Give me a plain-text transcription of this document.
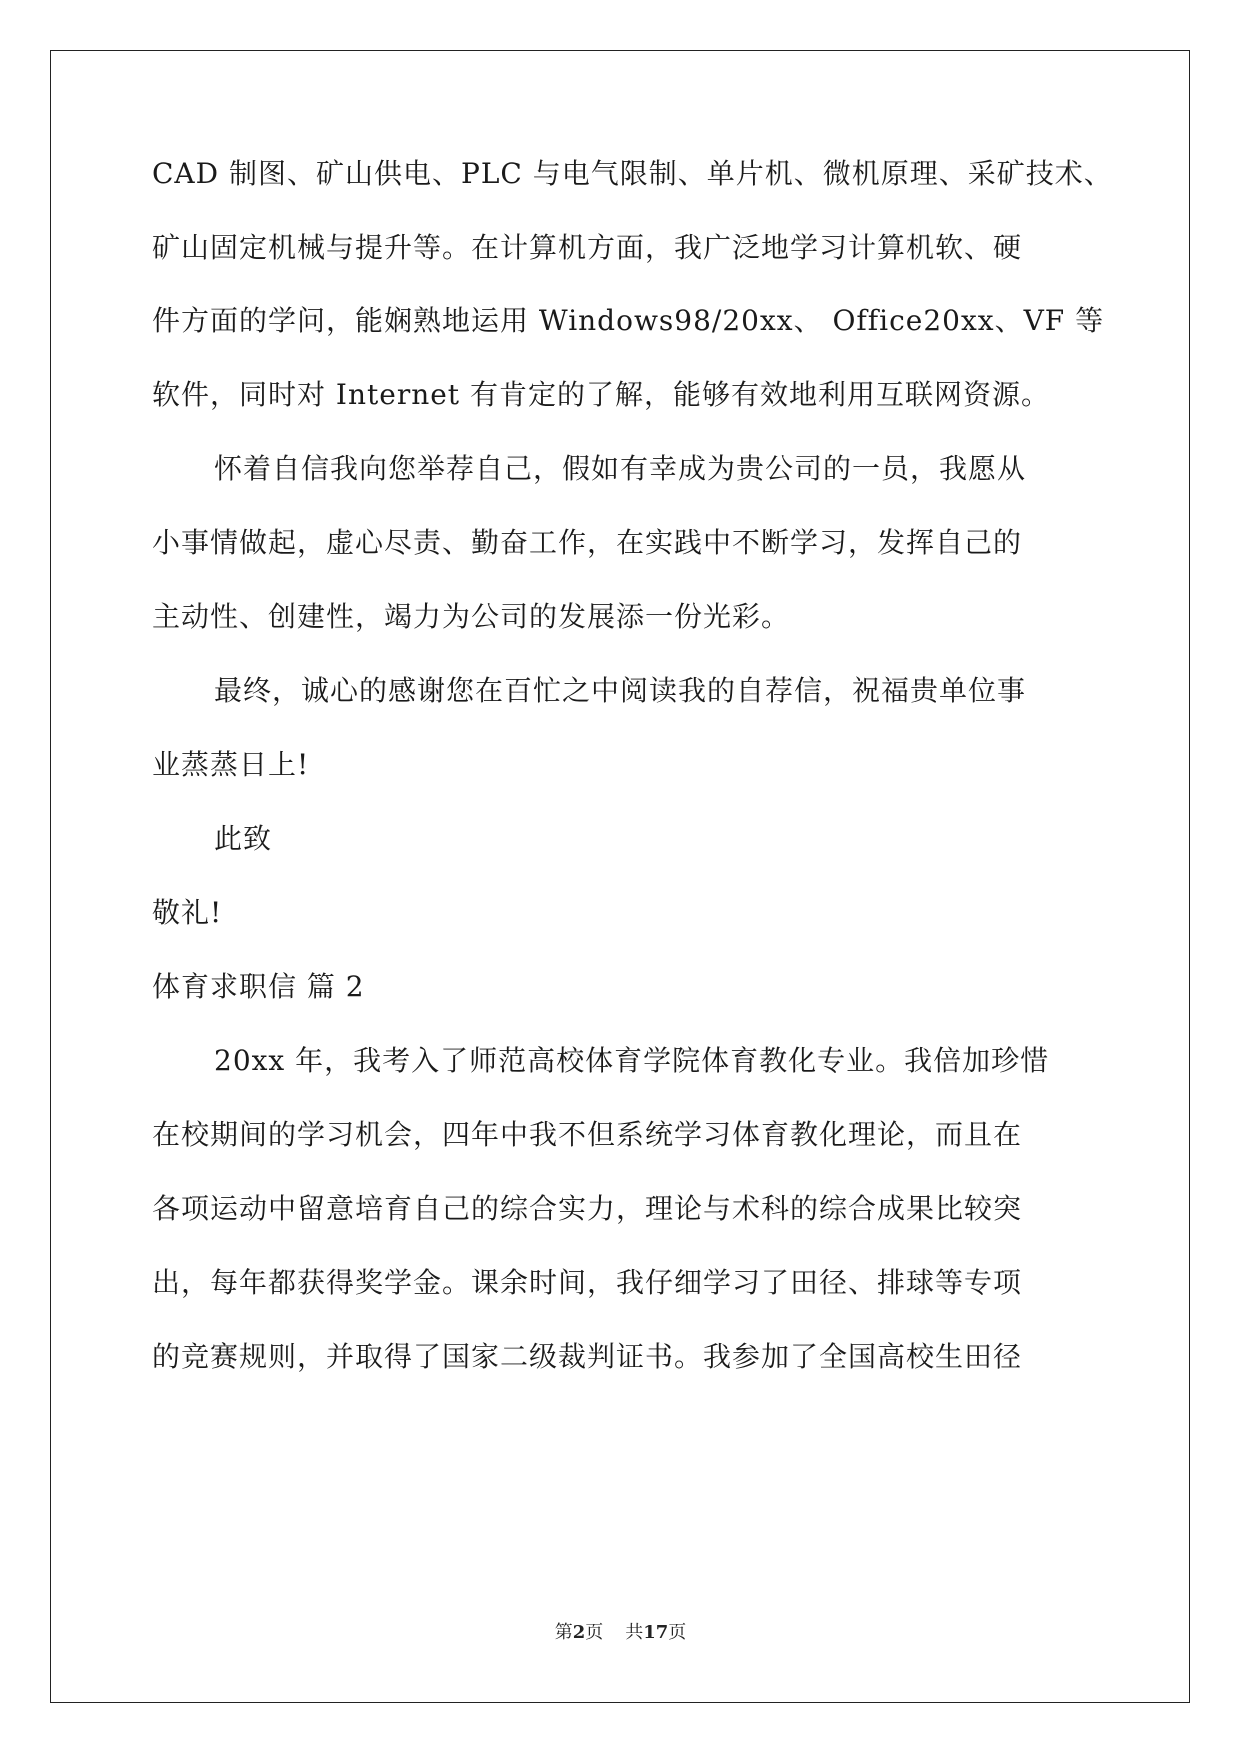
CAD 制图、矿山供电、PLC 与电气限制、单片机、微机原理、采矿技术、
矿山固定机械与提升等。在计算机方面，我广泛地学习计算机软、硬
件方面的学问，能娴熟地运用 Windows98/20xx、 Office20xx、VF 等
软件，同时对 Internet 有肯定的了解，能够有效地利用互联网资源。
怀着自信我向您举荐自己，假如有幸成为贵公司的一员，我愿从
小事情做起，虚心尽责、勤奋工作，在实践中不断学习，发挥自己的
主动性、创建性，竭力为公司的发展添一份光彩。
最终，诚心的感谢您在百忙之中阅读我的自荐信，祝福贵单位事
业蒸蒸日上!
此致
敬礼!
体育求职信 篇 2
20xx 年，我考入了师范高校体育学院体育教化专业。我倍加珍惜
在校期间的学习机会，四年中我不但系统学习体育教化理论，而且在
各项运动中留意培育自己的综合实力，理论与术科的综合成果比较突
出，每年都获得奖学金。课余时间，我仔细学习了田径、排球等专项
的竞赛规则，并取得了国家二级裁判证书。我参加了全国高校生田径
第2页 共17页
